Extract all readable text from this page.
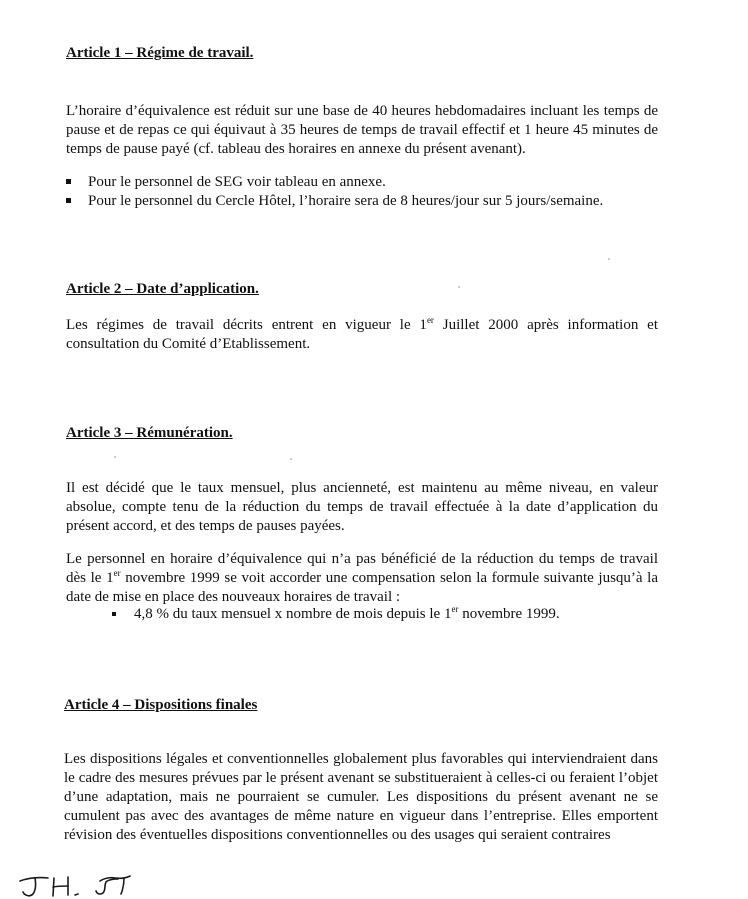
Article 1 – Régime de travail.

L’horaire d’équivalence est réduit sur une base de 40 heures hebdomadaires incluant les temps de pause et de repas ce qui équivaut à 35 heures de temps de travail effectif et 1 heure 45 minutes de temps de pause payé (cf. tableau des horaires en annexe du présent avenant).

Pour le personnel de SEG voir tableau en annexe.
Pour le personnel du Cercle Hôtel, l’horaire sera de 8 heures/jour sur 5 jours/semaine.
Article 2 – Date d’application.

Les régimes de travail décrits entrent en vigueur le 1er Juillet 2000 après information et consultation du Comité d’Etablissement.

Article 3 – Rémunération.

Il est décidé que le taux mensuel, plus ancienneté, est maintenu au même niveau, en valeur absolue, compte tenu de la réduction du temps de travail effectuée à la date d’application du présent accord, et des temps de pauses payées.

Le personnel en horaire d’équivalence qui n’a pas bénéficié de la réduction du temps de travail dès le 1er novembre 1999 se voit accorder une compensation selon la formule suivante jusqu’à la date de mise en place des nouveaux horaires de travail :

4,8 % du taux mensuel x nombre de mois depuis le 1er novembre 1999.
Article 4 – Dispositions finales

Les dispositions légales et conventionnelles globalement plus favorables qui interviendraient dans le cadre des mesures prévues par le présent avenant se substitueraient à celles-ci ou feraient l’objet d’une adaptation, mais ne pourraient se cumuler. Les dispositions du présent avenant ne se cumulent pas avec des avantages de même nature en vigueur dans l’entreprise. Elles emportent révision des éventuelles dispositions conventionnelles ou des usages qui seraient contraires
